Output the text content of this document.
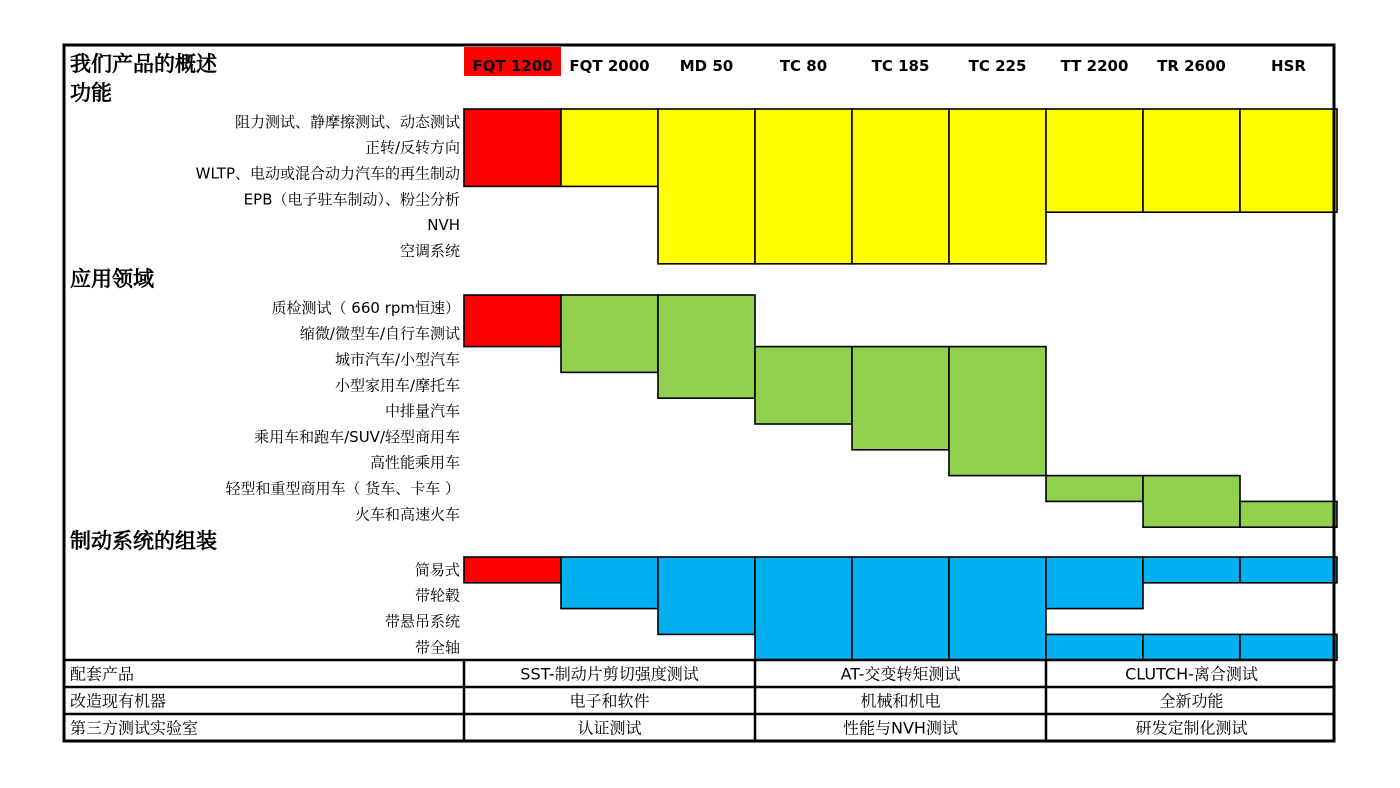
我们产品的概述	FQT 1200 FQT 2000 MD 50	TC 80	TC 185	TC 225 TT 2200 TR 2600	HSR
功能
阻力测试、静摩擦测试、动态测试
正转/反转方向
WLTP、电动或混合动力汽车的再生制动
EPB（电子驻车制动）、粉尘分析
NVH
空调系统
应用领域
质检测试（ 660 rpm恒速）
缩微/微型车/自行车测试
城市汽车/小型汽车
小型家用车/摩托车
中排量汽车
乘用车和跑车/SUV/轻型商用车
高性能乘用车
轻型和重型商用车（ 货车、卡车 ）
火车和高速火车
制动系统的组装
简易式
带轮毂
带悬吊系统
带全轴
配套产品	SST-制动片剪切强度测试	AT-交变转矩测试	CLUTCH-离合测试
改造现有机器	电子和软件	机械和机电	全新功能
第三方测试实验室	认证测试	性能与NVH测试	研发定制化测试
